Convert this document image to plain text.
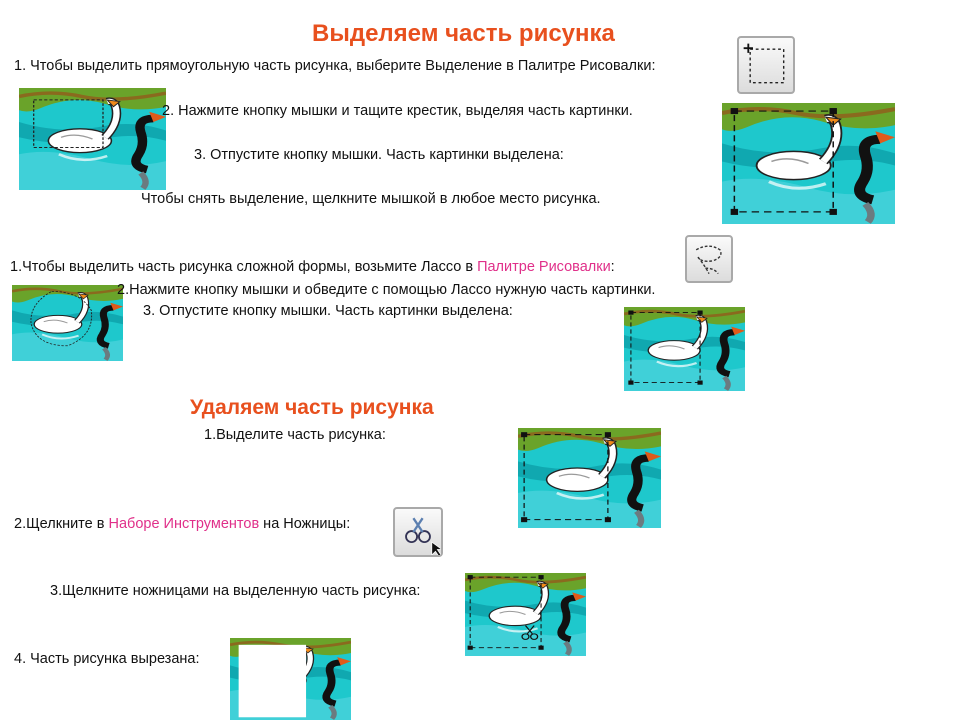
Выделяем часть рисунка
1. Чтобы выделить прямоугольную часть рисунка, выберите Выделение в Палитре Рисовалки:
2. Нажмите кнопку мышки и тащите крестик, выделяя часть картинки.
3. Отпустите кнопку мышки. Часть картинки выделена:
Чтобы снять выделение, щелкните мышкой в любое место рисунка.
1.Чтобы выделить часть рисунка сложной формы, возьмите Лассо в Палитре Рисовалки:
2.Нажмите кнопку мышки и обведите с помощью Лассо нужную часть картинки.
3. Отпустите кнопку мышки. Часть картинки выделена:
Удаляем часть рисунка
1.Выделите часть рисунка:
2.Щелкните в Наборе Инструментов на Ножницы:
3.Щелкните ножницами на выделенную часть рисунка:
4. Часть рисунка вырезана:
